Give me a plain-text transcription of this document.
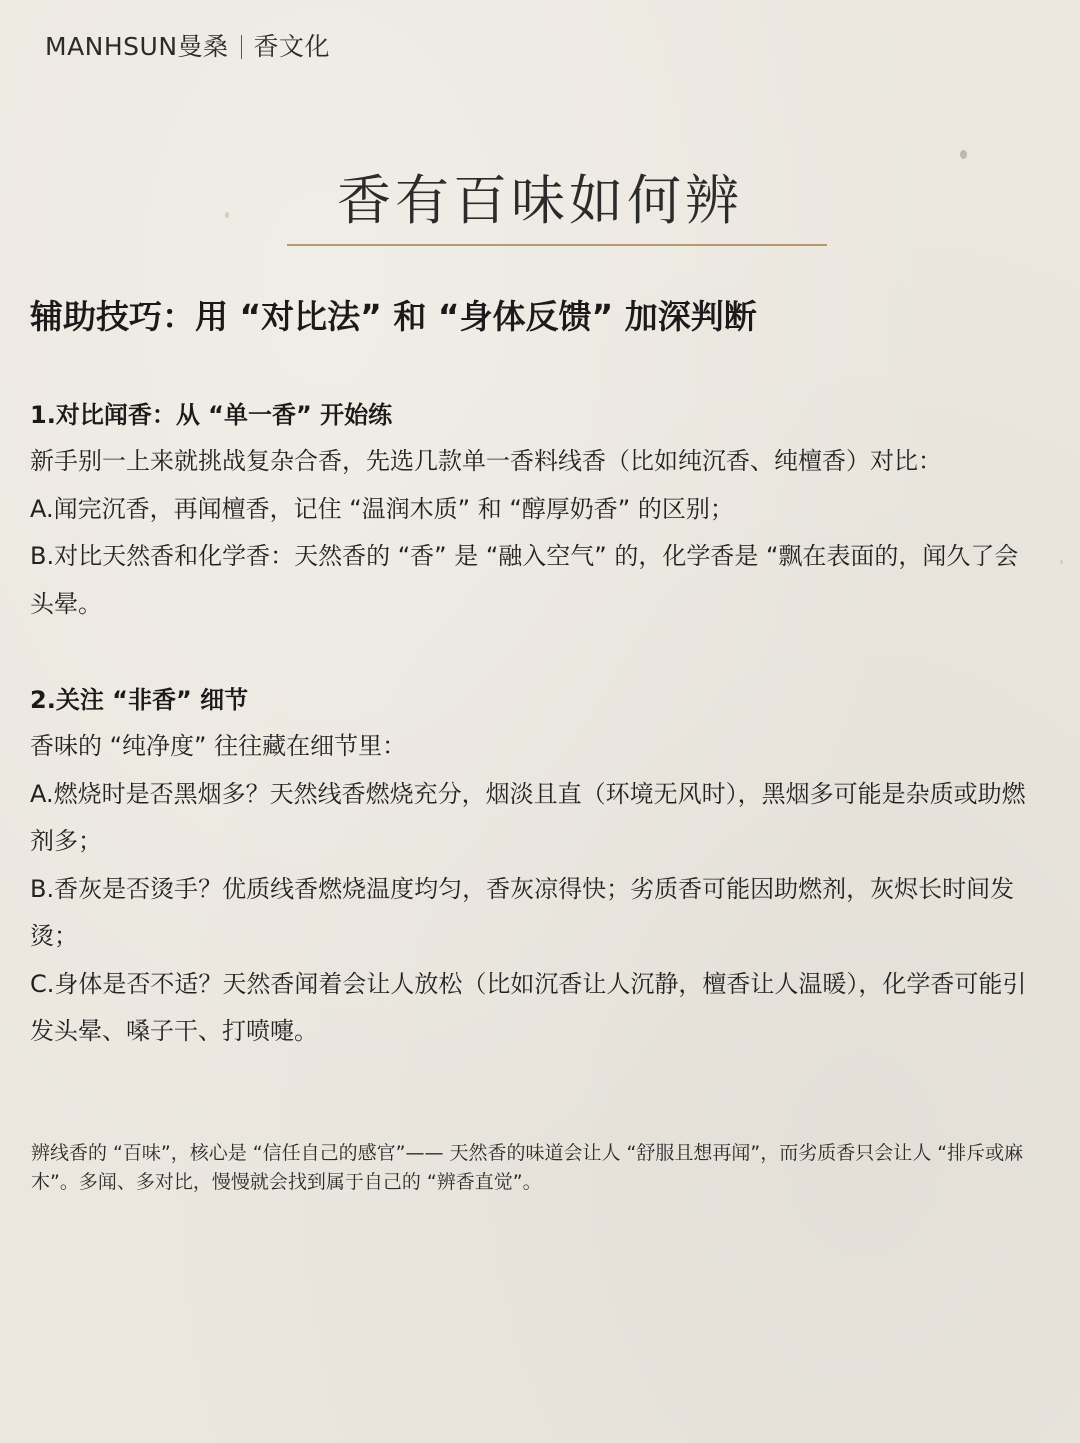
MANHSUN曼桑 香文化
香有百味如何辨
辅助技巧：用 “对比法” 和 “身体反馈” 加深判断

1.对比闻香：从 “单一香” 开始练

新手别一上来就挑战复杂合香，先选几款单一香料线香（比如纯沉香、纯檀香）对比：

A.闻完沉香，再闻檀香，记住 “温润木质” 和 “醇厚奶香” 的区别；

B.对比天然香和化学香：天然香的 “香” 是 “融入空气” 的，化学香是 “飘在表面的，闻久了会头晕。

2.关注 “非香” 细节

香味的 “纯净度” 往往藏在细节里：

A.燃烧时是否黑烟多？天然线香燃烧充分，烟淡且直（环境无风时），黑烟多可能是杂质或助燃剂多；

B.香灰是否烫手？优质线香燃烧温度均匀，香灰凉得快；劣质香可能因助燃剂，灰烬长时间发烫；

C.身体是否不适？天然香闻着会让人放松（比如沉香让人沉静，檀香让人温暖），化学香可能引发头晕、嗓子干、打喷嚏。

辨线香的 “百味”，核心是 “信任自己的感官”—— 天然香的味道会让人 “舒服且想再闻”，而劣质香只会让人 “排斥或麻木”。多闻、多对比，慢慢就会找到属于自己的 “辨香直觉”。
